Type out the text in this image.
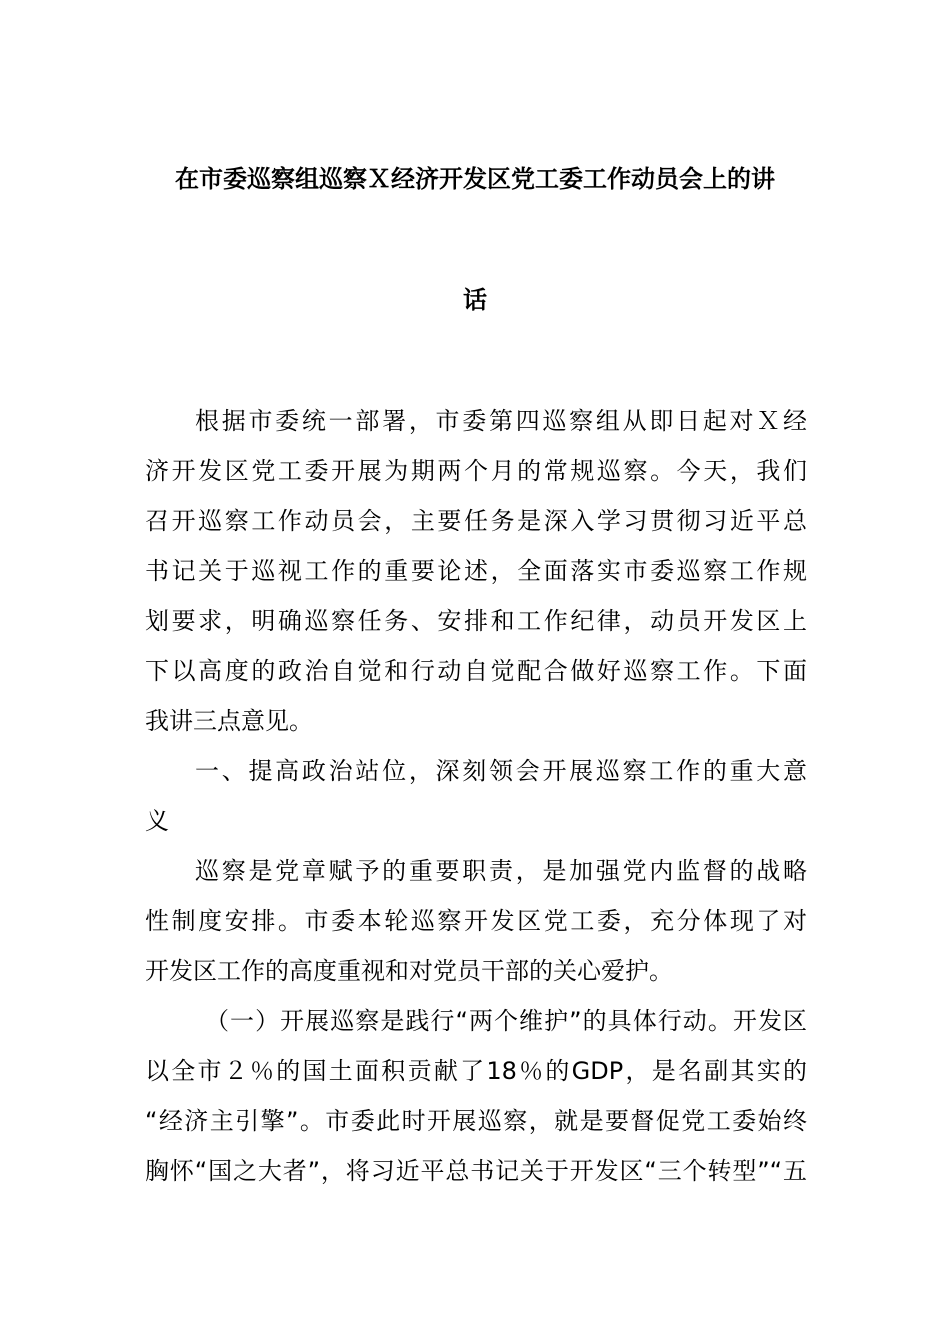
在市委巡察组巡察Ｘ经济开发区党工委工作动员会上的讲
话
根据市委统一部署，市委第四巡察组从即日起对Ｘ经
济开发区党工委开展为期两个月的常规巡察。今天，我们
召开巡察工作动员会，主要任务是深入学习贯彻习近平总
书记关于巡视工作的重要论述，全面落实市委巡察工作规
划要求，明确巡察任务、安排和工作纪律，动员开发区上
下以高度的政治自觉和行动自觉配合做好巡察工作。下面
我讲三点意见。
一、提高政治站位，深刻领会开展巡察工作的重大意
义
巡察是党章赋予的重要职责，是加强党内监督的战略
性制度安排。市委本轮巡察开发区党工委，充分体现了对
开发区工作的高度重视和对党员干部的关心爱护。
（一）开展巡察是践行“两个维护”的具体行动。开发区
以全市２％的国土面积贡献了18％的GDP，是名副其实的
“经济主引擎”。市委此时开展巡察，就是要督促党工委始终
胸怀“国之大者”，将习近平总书记关于开发区“三个转型”“五
